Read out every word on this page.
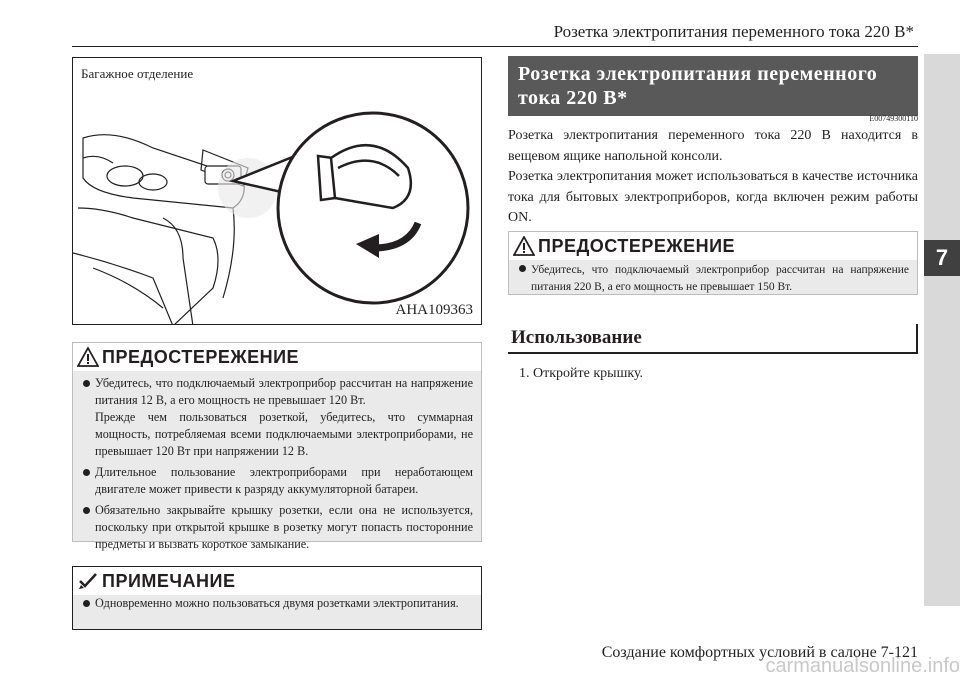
Розетка электропитания переменного тока 220 В*
7
Багажное отделение
AHA109363
ПРЕДОСТЕРЕЖЕНИЕ

Убедитесь, что подключаемый электроприбор рассчитан на напряжение питания 12 В, а его мощность не превышает 120 Вт.

Прежде чем пользоваться розеткой, убедитесь, что суммарная мощность, потребляемая всеми подключаемыми электроприборами, не превышает 120 Вт при напряжении 12 В.

Длительное пользование электроприборами при неработающем двигателе может привести к разряду аккумуляторной батареи.

Обязательно закрывайте крышку розетки, если она не используется, поскольку при открытой крышке в розетку могут попасть посторонние предметы и вызвать короткое замыкание.

ПРИМЕЧАНИЕ

Одновременно можно пользоваться двумя розетками электропитания.

Розетка электропитания переменного тока 220 В*
E00749300110

Розетка электропитания переменного тока 220 В находится в вещевом ящике напольной консоли.

Розетка электропитания может использоваться в качестве источника тока для бытовых электроприборов, когда включен режим работы ON.

ПРЕДОСТЕРЕЖЕНИЕ

Убедитесь, что подключаемый электроприбор рассчитан на напряжение питания 220 В, а его мощность не превышает 150 Вт.

Использование
1. Откройте крышку.
Создание комфортных условий в салоне 7-121
carmanualsonline.info
